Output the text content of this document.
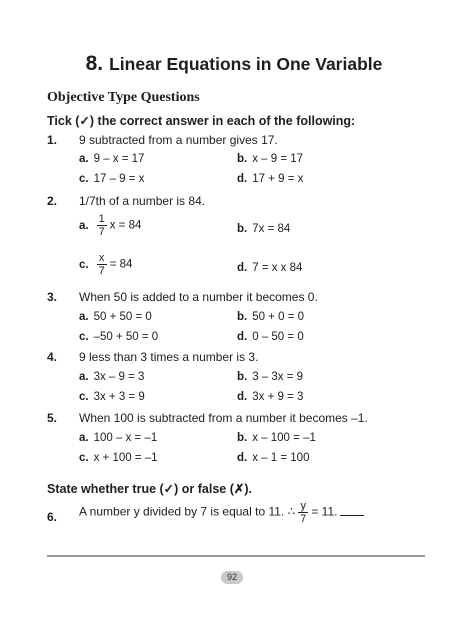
8. Linear Equations in One Variable
Objective Type Questions
Tick (✓) the correct answer in each of the following:
1. 9 subtracted from a number gives 17.
a. 9 – x = 17	b. x – 9 = 17
c. 17 – 9 = x	d. 17 + 9 = x
2. 1/7th of a number is 84.
a. $\frac{1}{7}$ x = 84	b. 7x = 84
c. $\frac{x}{7} = 84$	d. 7 = x x 84
3. When 50 is added to a number it becomes 0.
a. 50 + 50 = 0	b. 50 + 0 = 0
c. –50 + 50 = 0	d. 0 – 50 = 0
4. 9 less than 3 times a number is 3.
a. 3x – 9 = 3	b. 3 – 3x = 9
c. 3x + 3 = 9	d. 3x + 9 = 3
5. When 100 is subtracted from a number it becomes –1.
a. 100 – x = –1	b. x – 100 = –1
c. x + 100 = –1	d. x – 1 = 100
State whether true (✓) or false (✗).
6. A number y divided by 7 is equal to 11. ∴ $\frac{y}{7} = 11$.
92
